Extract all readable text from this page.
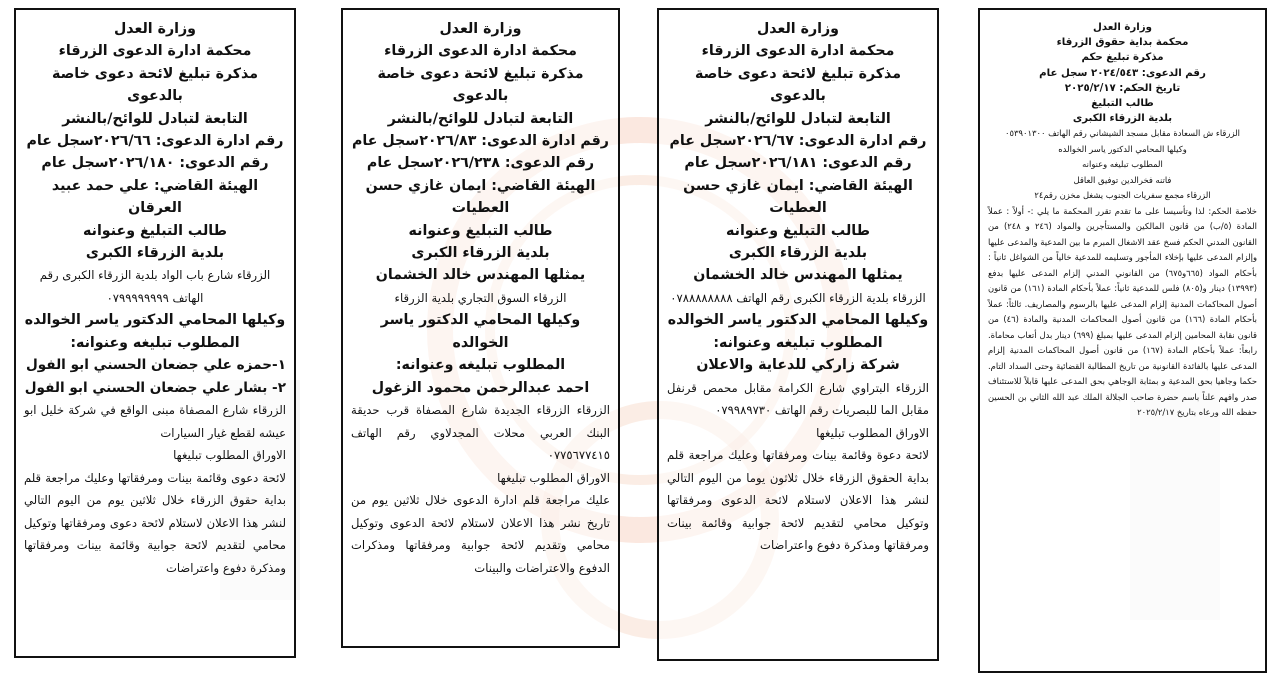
وزارة العدل
محكمة ادارة الدعوى الزرقاء
مذكرة تبليغ لائحة دعوى خاصة بالدعوى
التابعة لتبادل للوائح/بالنشر
رقم ادارة الدعوى: ٢٠٢٦/٦٦سجل عام
رقم الدعوى: ٢٠٢٦/١٨٠سجل عام
الهيئة القاضي: علي حمد عبيد العرقان
طالب التبليغ وعنوانه
بلدية الزرقاء الكبرى
الزرقاء شارع باب الواد بلدية الزرقاء الكبرى رقم الهاتف ٠٧٩٩٩٩٩٩٩٩
وكيلها المحامي الدكتور ياسر الخوالده
المطلوب تبليغه وعنوانه:
١-حمزه علي جضعان الحسني ابو الفول
٢- بشار علي جضعان الحسني ابو الفول
الزرقاء شارع المصفاة مبنى الواقع في شركة خليل ابو عيشه لقطع غيار السيارات
الاوراق المطلوب تبليغها
لائحة دعوى وقائمة بينات ومرفقاتها وعليك مراجعة قلم بداية حقوق الزرقاء خلال ثلاثين يوم من اليوم التالي لنشر هذا الاعلان لاستلام لائحة دعوى ومرفقاتها وتوكيل محامي لتقديم لائحة جوابية وقائمة بينات ومرفقاتها ومذكرة دفوع واعتراضات
وزارة العدل
محكمة ادارة الدعوى الزرقاء
مذكرة تبليغ لائحة دعوى خاصة بالدعوى
التابعة لتبادل للوائح/بالنشر
رقم ادارة الدعوى: ٢٠٢٦/٨٣سجل عام
رقم الدعوى: ٢٠٢٦/٢٣٨سجل عام
الهيئة القاضي: ايمان غازي حسن العطيات
طالب التبليغ وعنوانه
بلدية الزرقاء الكبرى
يمثلها المهندس خالد الخشمان
الزرقاء السوق التجاري بلدية الزرقاء
وكيلها المحامي الدكتور ياسر الخوالده
المطلوب تبليغه وعنوانه:
احمد عبدالرحمن محمود الزغول
الزرقاء الزرقاء الجديدة شارع المصفاة قرب حديقة البنك العربي محلات المجدلاوي رقم الهاتف ٠٧٧٥٦٧٧٤١٥
الاوراق المطلوب تبليغها
عليك مراجعة قلم ادارة الدعوى خلال ثلاثين يوم من تاريخ نشر هذا الاعلان لاستلام لائحة الدعوى وتوكيل محامي وتقديم لائحة جوابية ومرفقاتها ومذكرات الدفوع والاعتراضات والبينات
وزارة العدل
محكمة ادارة الدعوى الزرقاء
مذكرة تبليغ لائحة دعوى خاصة بالدعوى
التابعة لتبادل للوائح/بالنشر
رقم ادارة الدعوى: ٢٠٢٦/٦٧سجل عام
رقم الدعوى: ٢٠٢٦/١٨١سجل عام
الهيئة القاضي: ايمان غازي حسن العطيات
طالب التبليغ وعنوانه
بلدية الزرقاء الكبرى
يمثلها المهندس خالد الخشمان
الزرقاء بلدية الزرقاء الكبرى رقم الهاتف ٠٧٨٨٨٨٨٨٨٨
وكيلها المحامي الدكتور ياسر الخوالده
المطلوب تبليغه وعنوانه:
شركة زاركي للدعاية والاعلان
الزرقاء البتراوي شارع الكرامة مقابل محمص قرنفل مقابل الما للبصريات رقم الهاتف ٠٧٩٩٨٩٧٣٠
الاوراق المطلوب تبليغها
لائحة دعوة وقائمة بينات ومرفقاتها وعليك مراجعة قلم بداية الحقوق الزرقاء خلال ثلاثون يوما من اليوم التالي لنشر هذا الاعلان لاستلام لائحة الدعوى ومرفقاتها وتوكيل محامي لتقديم لائحة جوابية وقائمة بينات ومرفقاتها ومذكرة دفوع واعتراضات
وزارة العدل
محكمة بداية حقوق الزرقاء
مذكرة تبليغ حكم
رقم الدعوى: ٢٠٢٤/٥٤٣ سجل عام
تاريخ الحكم: ٢٠٢٥/٢/١٧
طالب التبليغ
بلدية الزرقاء الكبرى
الزرقاء ش السعادة مقابل مسجد الشيشاني رقم الهاتف ٠٥٣٩٠١٣٠٠
وكيلها المحامي الدكتور ياسر الخوالده
المطلوب تبليغه وعنوانه
فاتنه فخرالدين توفيق العاقل
الزرقاء مجمع سفريات الجنوب يشغل مخزن رقم٢٤
خلاصة الحكم: لذا وتأسيسا على ما تقدم تقرر المحكمة ما يلي :- أولاً : عملاً المادة (٥/ب) من قانون المالكين والمستأجرين والمواد (٢٤٦ و ٢٤٨) من القانون المدني الحكم فسخ عقد الاشغال المبرم ما بين المدعية والمدعى عليها وإلزام المدعى عليها بإخلاء المأجور وتسليمه للمدعية خالياً من الشواغل ثانياً : بأحكام المواد (٦٦٥و٦٧٥) من القانوني المدني إلزام المدعى عليها بدفع (١٣٩٩٣) دينار و(٨٠٥) فلس للمدعية ثانياً: عملاً بأحكام المادة (١٦١) من قانون أصول المحاكمات المدنية إلزام المدعى عليها بالرسوم والمصاريف. ثالثاً: عملاً بأحكام المادة (١٦٦) من قانون أصول المحاكمات المدنية والمادة (٤٦) من قانون نقابة المحامين إلزام المدعى عليها بمبلغ (٦٩٩) دينار بدل أتعاب محاماة. رابعاً: عملاً بأحكام المادة (١٦٧) من قانون أصول المحاكمات المدنية إلزام المدعى عليها بالفائدة القانونية من تاريخ المطالبة القضائية وحتى السداد التام. حكما وجاهيا بحق المدعية و بمثابة الوجاهي بحق المدعى عليها قابلاً للاستئناف صدر وافهم علناً باسم حضرة صاحب الجلالة الملك عبد الله الثاني بن الحسين حفظه الله ورعاه بتاريخ ٢٠٢٥/٢/١٧
